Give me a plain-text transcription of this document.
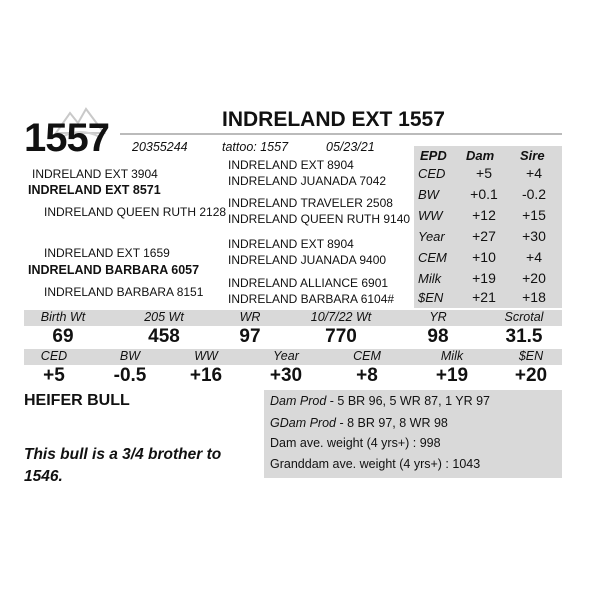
1557	INDRELAND EXT 1557
20355244	tattoo: 1557	05/23/21
INDRELAND EXT 3904
INDRELAND EXT 8571
INDRELAND QUEEN RUTH 2128
INDRELAND EXT 8904
INDRELAND JUANADA 7042
INDRELAND TRAVELER 2508
INDRELAND QUEEN RUTH 9140
INDRELAND EXT 1659
INDRELAND BARBARA 6057
INDRELAND BARBARA 8151
INDRELAND EXT 8904
INDRELAND JUANADA 9400
INDRELAND ALLIANCE 6901
INDRELAND BARBARA 6104#
EPD Dam Sire
CED	+5	+4
BW	+0.1	-0.2
WW	+12	+15
Year	+27	+30
CEM	+10	+4
Milk	+19	+20
$EN	+21	+18
Birth Wt	205 Wt	WR	10/7/22 Wt	YR	Scrotal
69	458	97	770	98	31.5
CED	BW	WW	Year	CEM	Milk	$EN
+5	-0.5	+16	+30	+8	+19	+20
HEIFER BULL
This bull is a 3/4 brother to 1546.
Dam Prod - 5 BR 96, 5 WR 87, 1 YR 97
GDam Prod - 8 BR 97, 8 WR 98
Dam ave. weight (4 yrs+) : 998
Granddam ave. weight (4 yrs+) : 1043
